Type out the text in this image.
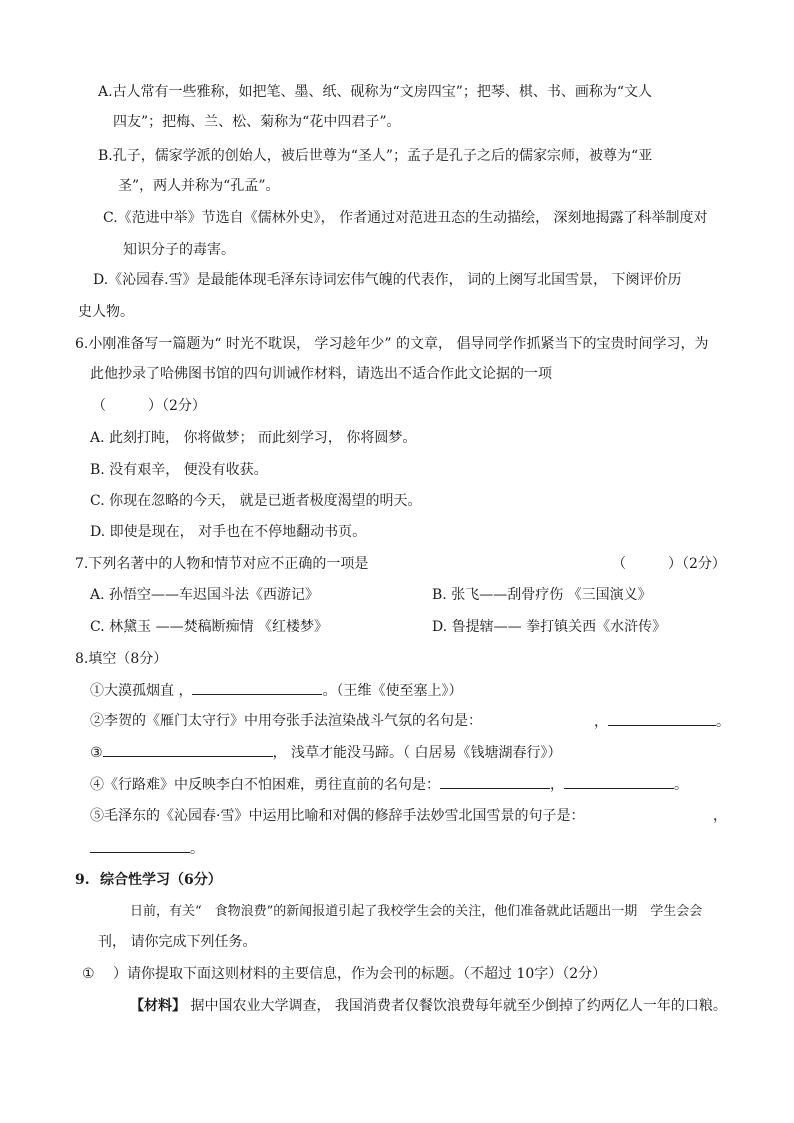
A.古人常有一些雅称，如把笔、墨、纸、砚称为“文房四宝”；把琴、棋、书、画称为“文人
四友”；把梅、兰、松、菊称为“花中四君子”。
B.孔子，儒家学派的创始人，被后世尊为“圣人”；孟子是孔子之后的儒家宗师，被尊为“亚
圣”，两人并称为“孔孟”。
C.《范进中举》节选自《儒林外史》， 作者通过对范进丑态的生动描绘， 深刻地揭露了科举制度对
知识分子的毒害。
D.《沁园春.雪》是最能体现毛泽东诗词宏伟气魄的代表作， 词的上阕写北国雪景， 下阕评价历
史人物。
6.小刚准备写一篇题为“ 时光不耽误， 学习趁年少” 的文章， 倡导同学作抓紧当下的宝贵时间学习，为
此他抄录了哈佛图书馆的四句训诫作材料，请选出不适合作此文论据的一项
（　　　）（2分）
A. 此刻打盹， 你将做梦； 而此刻学习， 你将圆梦。
B. 没有艰辛， 便没有收获。
C. 你现在忽略的今天， 就是已逝者极度渴望的明天。
D. 即使是现在， 对手也在不停地翻动书页。
7.下列名著中的人物和情节对应不正确的一项是	（　　　）（2分）
A. 孙悟空——车迟国斗法《西游记》	B. 张飞——刮骨疗伤 《三国演义》
C. 林黛玉 ——焚稿断痴情 《红楼梦》	D. 鲁提辖—— 拳打镇关西《水浒传》
8.填空（8分）
①大漠孤烟直 ，	。（王维《使至塞上》）
②李贺的《雁门太守行》中用夸张手法渲染战斗气氛的名句是：	，	。
③	， 浅草才能没马蹄。（ 白居易《钱塘湖春行》）
④《行路难》中反映李白不怕困难，勇往直前的名句是：	，	。
⑤毛泽东的《沁园春·雪》中运用比喻和对偶的修辞手法妙雪北国雪景的句子是：	，
。
9. 综合性学习（6分）
日前，有关“　食物浪费”的新闻报道引起了我校学生会的关注，他们准备就此话题出一期　学生会会
刊， 请你完成下列任务。
① ）请你提取下面这则材料的主要信息，作为会刊的标题。（不超过 10字）（2分）
【材料】 据中国农业大学调查， 我国消费者仅餐饮浪费每年就至少倒掉了约两亿人一年的口粮。
